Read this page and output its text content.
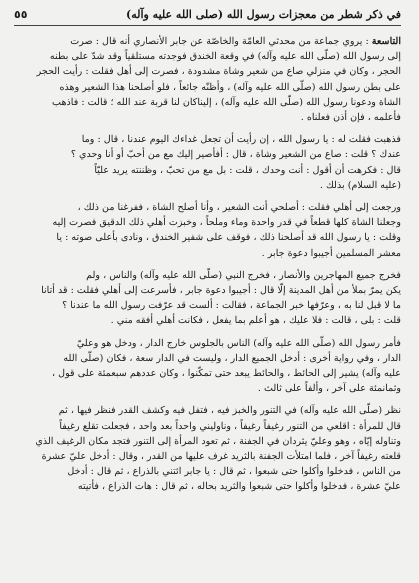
في ذكر شطر من معجزات رسول الله (صلى الله عليه وآله)
٥٥

التاسعة : يروي جماعة من محدثي العامّة والخاصّة عن جابر الأنصاري أنه قال : صرت
إلى رسول الله (صلّى الله عليه وآله) في وقعة الخندق فوجدته مستلقياً وقد شدّ على بطنه
الحجر ، وكان في منزلي صاع من شعير وشاة مشدودة ، فصرت إلى أهل فقلت : رأيت الحجر
على بطن رسول الله (صلّى الله عليه وآله) ، وأظنّه جائعاً ، فلو أصلحنا هذا الشعير وهذه
الشاة ودعونا رسول الله (صلّى الله عليه وآله) ، إليناكان لنا قربة عند الله ؛ قالت : فاذهب
فأعلمه ، فإن أذن فعلناه .

فذهبت فقلت له : يا رسول الله ، إن رأيت أن تجعل غداءك اليوم عندنا ، قال : وما
عندك ؟ قلت : صاع من الشعير وشاة ، قال : أفأصير إليك مع من أحبّ أو أنا وحدي ؟
قال : فكرهت أن أقول : أنت وحدك ، قلت : بل مع من تحبّ ، وظننته يريد عليّاً
(عليه السلام) بذلك .

ورجعت إلى أهلي فقلت : أصلحي أنت الشعير ، وأنا أصلح الشاة ، ففرغنا من ذلك ،
وجعلنا الشاة كلها قطعاً في قدر واحدة وماء وملحاً ، وخبزت أهلي ذلك الدقيق فصرت إليه
وقلت : يا رسول الله قد أصلحنا ذلك ، فوقف على شفير الخندق ، ونادى بأعلى صوته : يا
معشر المسلمين أجيبوا دعوة جابر .

فخرج جميع المهاجرين والأنصار ، فخرج النبي (صلّى الله عليه وآله) والناس ، ولم
يكن يمرّ بملأ من أهل المدينة إلّا قال : أجيبوا دعوة جابر ، فأسرعت إلى أهلي فقلت : قد أتانا
ما لا قبل لنا به ، وعرّفها خبر الجماعة ، فقالت : ألست قد عرّفت رسول الله ما عندنا ؟
قلت : بلى ، قالت : فلا عليك ، هو أعلم بما يفعل ، فكانت أهلي أفقه مني .

فأمر رسول الله (صلّى الله عليه وآله) الناس بالجلوس خارج الدار ، ودخل هو وعليّ
الدار ، وفي رواية أخرى : أدخل الجميع الدار ، وليست في الدار سعة ، فكان (صلّى الله
عليه وآله) يشير إلى الحائط ، والحائط يبعد حتى تمكّنوا ، وكان عددهم سبعمئة على قول ،
وثمانمئة على آخر ، وألفاً على ثالث .

نظر (صلّى الله عليه وآله) في التنور والخبز فيه ، فتفل فيه وكشف القدر فنظر فيها ، ثم
قال للمرأة : اقلعي من التنور رغيفاً رغيفاً ، وناوليني واحداً بعد واحد ، فجعلت تقلع رغيفاً
وتناوله إيّاه ، وهو وعليّ يثردان في الجفنة ، ثم تعود المرأة إلى التنور فتجد مكان الرغيف الذي
قلعته رغيفاً آخر ، فلما امتلأت الجفنة بالثريد غرف عليها من القدر ، وقال : أدخل عليّ عشرة
من الناس ، فدخلوا وأكلوا حتى شبعوا ، ثم قال : يا جابر ائتني بالذراع ، ثم قال : أدخل
عليّ عشرة ، فدخلوا وأكلوا حتى شبعوا والثريد بحاله ، ثم قال : هات الذراع ، فأتيته
